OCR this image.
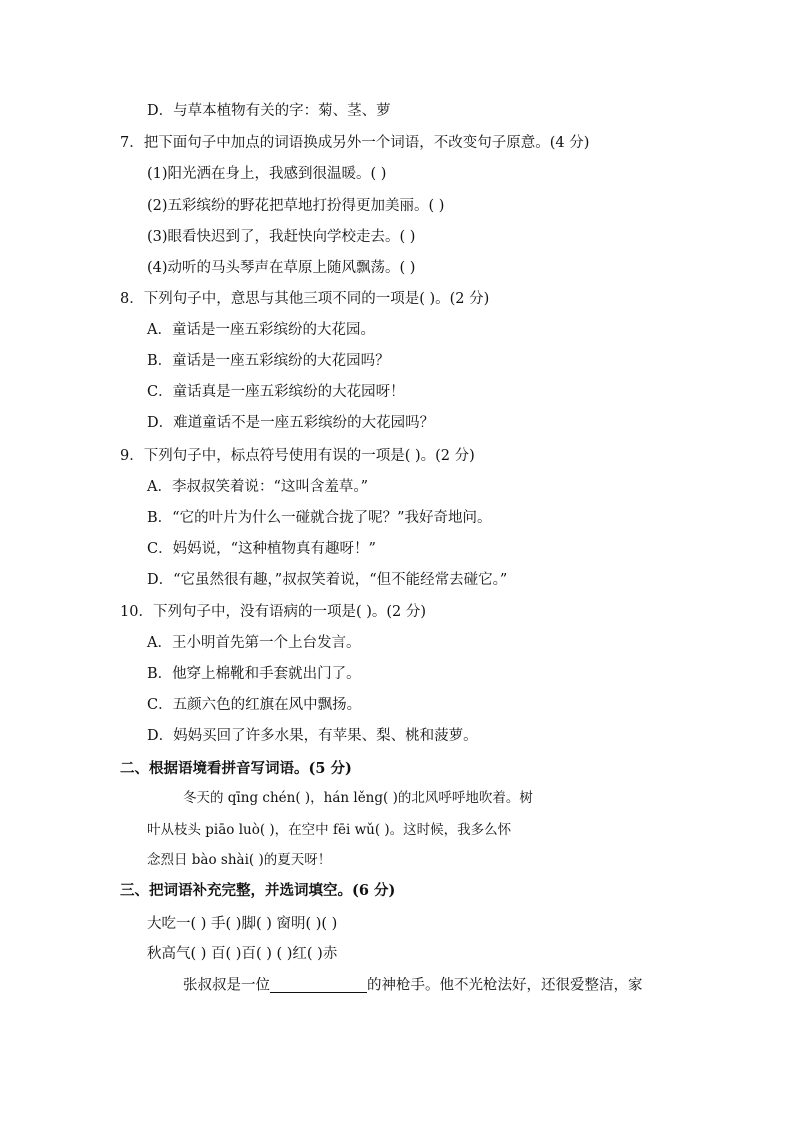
D．与草本植物有关的字：菊、茎、萝
7．把下面句子中加点的词语换成另外一个词语，不改变句子原意。(4 分)
(1)阳光洒在身上，我感到很温暖。( )
(2)五彩缤纷的野花把草地打扮得更加美丽。( )
(3)眼看快迟到了，我赶快向学校走去。( )
(4)动听的马头琴声在草原上随风飘荡。( )
8．下列句子中，意思与其他三项不同的一项是( )。(2 分)
A．童话是一座五彩缤纷的大花园。
B．童话是一座五彩缤纷的大花园吗？
C．童话真是一座五彩缤纷的大花园呀！
D．难道童话不是一座五彩缤纷的大花园吗？
9．下列句子中，标点符号使用有误的一项是( )。(2 分)
A．李叔叔笑着说：“这叫含羞草。”
B．“它的叶片为什么一碰就合拢了呢？”我好奇地问。
C．妈妈说，“这种植物真有趣呀！”
D．“它虽然很有趣，”叔叔笑着说，“但不能经常去碰它。”
10．下列句子中，没有语病的一项是( )。(2 分)
A．王小明首先第一个上台发言。
B．他穿上棉靴和手套就出门了。
C．五颜六色的红旗在风中飘扬。
D．妈妈买回了许多水果，有苹果、梨、桃和菠萝。
二、根据语境看拼音写词语。(5 分)
冬天的 qīng chén( )，hán lěng( )的北风呼呼地吹着。树
叶从枝头 piāo luò( )，在空中 fēi wǔ( )。这时候，我多么怀
念烈日 bào shài( )的夏天呀！
三、把词语补充完整，并选词填空。(6 分)
大吃一( ) 手( )脚( ) 窗明( )( )
秋高气( ) 百( )百( ) ( )红( )赤
张叔叔是一位	的神枪手。他不光枪法好，还很爱整洁，家
